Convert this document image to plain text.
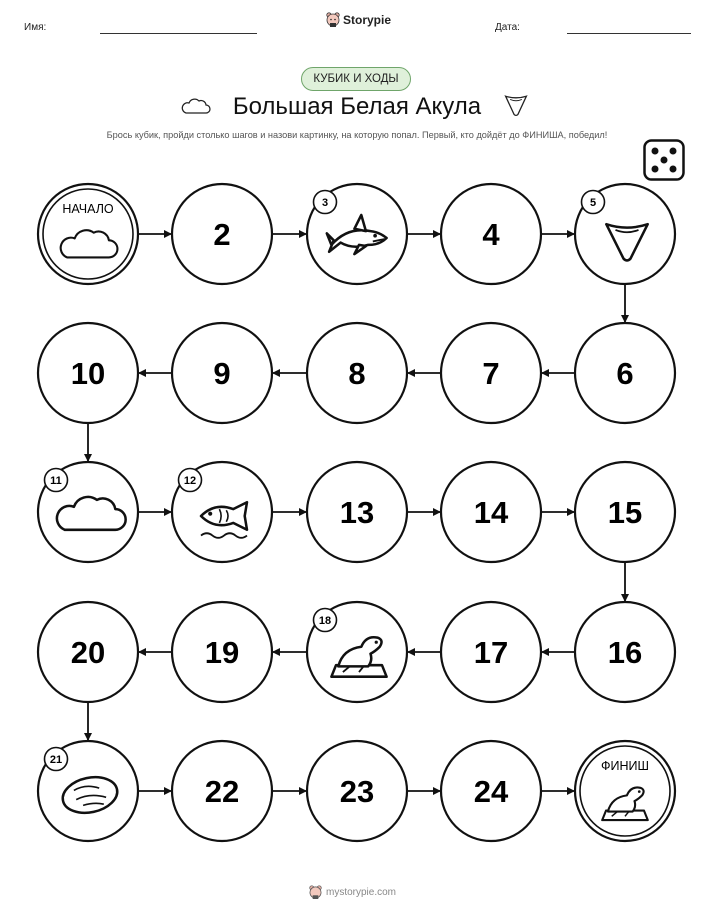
Имя:
Storypie
Дата:
КУБИК И ХОДЫ
Большая Белая Акула
Брось кубик, пройди столько шагов и назови картинку, на которую попал. Первый, кто дойдёт до ФИНИША, победил!
НАЧАЛО
2
3
4
5
6
7
8
9
10
11	12
13	14	15
16
17
18
19
20
21
22	23	24
ФИНИШ
mystorypie.com
